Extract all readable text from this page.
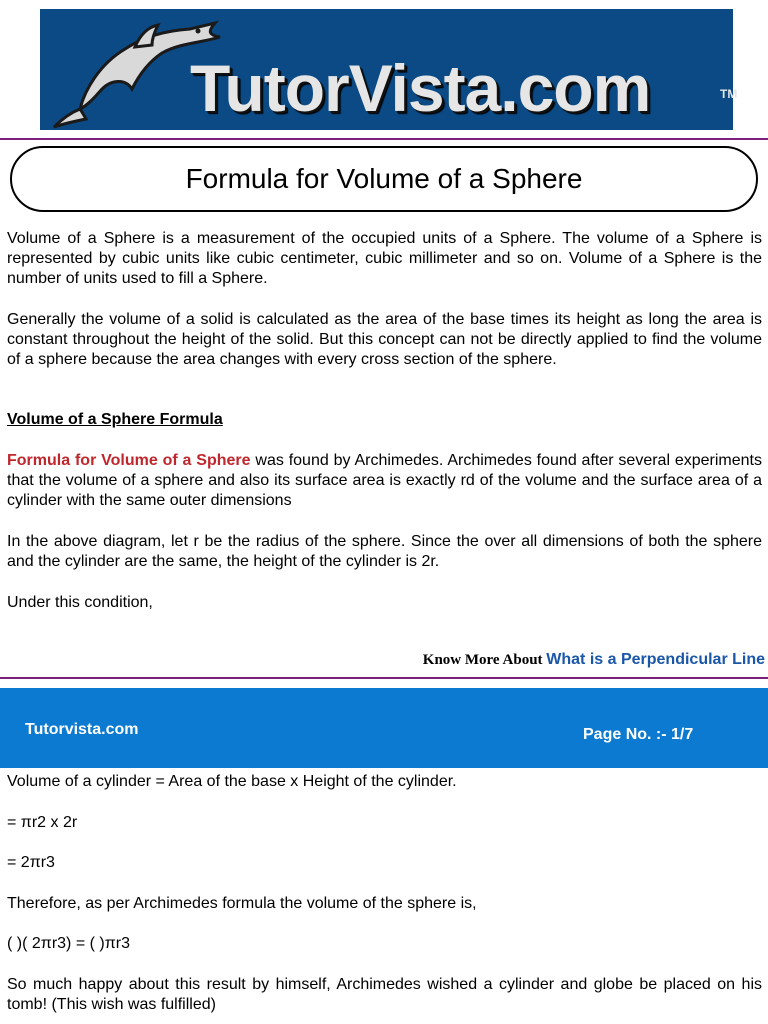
TutorVista.com	TM
Formula for Volume of a Sphere

Volume of a Sphere is a measurement of the occupied units of a Sphere. The volume of a Sphere is represented by cubic units like cubic centimeter, cubic millimeter and so on. Volume of a Sphere is the number of units used to fill a Sphere.

Generally the volume of a solid is calculated as the area of the base times its height as long the area is constant throughout the height of the solid. But this concept can not be directly applied to find the volume of a sphere because the area changes with every cross section of the sphere.

Volume of a Sphere Formula

Formula for Volume of a Sphere was found by Archimedes. Archimedes found after several experiments that the volume of a sphere and also its surface area is exactly rd of the volume and the surface area of a cylinder with the same outer dimensions

In the above diagram, let r be the radius of the sphere. Since the over all dimensions of both the sphere and the cylinder are the same, the height of the cylinder is 2r.

Under this condition,

Know More About What is a Perpendicular Line

Tutorvista.com	Page No. :- 1/7

Volume of a cylinder = Area of the base x Height of the cylinder.

= πr2 x 2r

= 2πr3

Therefore, as per Archimedes formula the volume of the sphere is,

( )( 2πr3) = ( )πr3

So much happy about this result by himself, Archimedes wished a cylinder and globe be placed on his tomb! (This wish was fulfilled)
